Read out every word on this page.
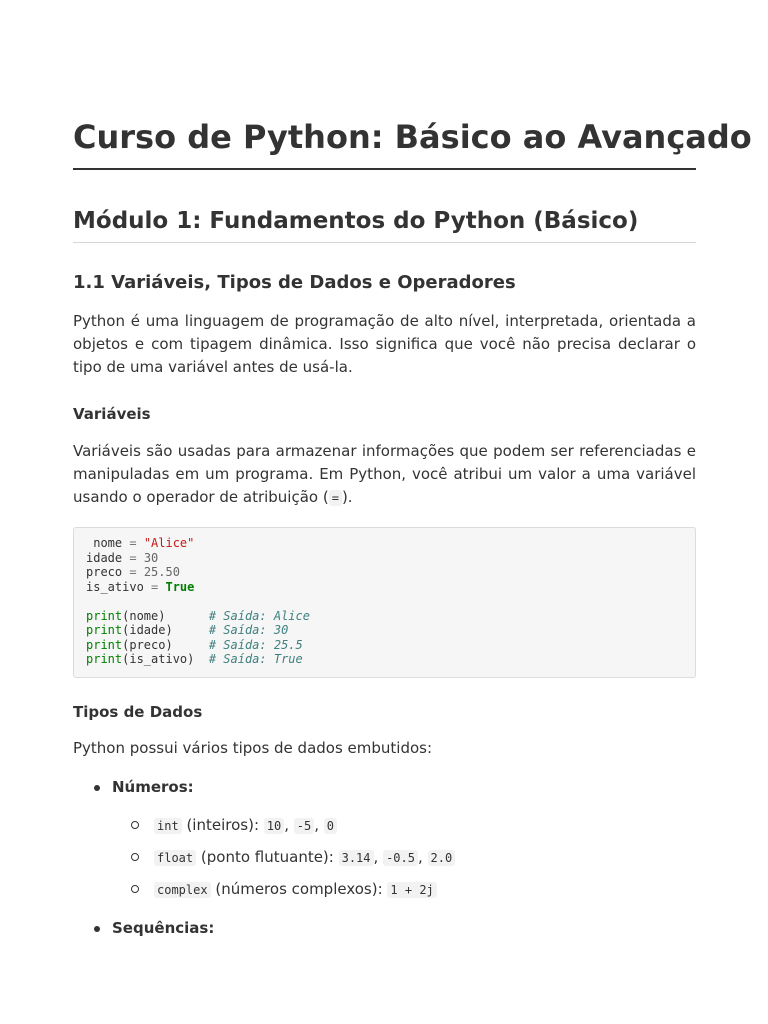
Curso de Python: Básico ao Avançado
Módulo 1: Fundamentos do Python (Básico)
1.1 Variáveis, Tipos de Dados e Operadores

Python é uma linguagem de programação de alto nível, interpretada, orientada a objetos e com tipagem dinâmica. Isso significa que você não precisa declarar o tipo de uma variável antes de usá-la.

Variáveis

Variáveis são usadas para armazenar informações que podem ser referenciadas e manipuladas em um programa. Em Python, você atribui um valor a uma variável usando o operador de atribuição ( = ).

nome = "Alice"
idade = 30
preco = 25.50
is_ativo = True
print(nome)      # Saída: Alice
print(idade)     # Saída: 30
print(preco)     # Saída: 25.5
print(is_ativo)  # Saída: True
Tipos de Dados

Python possui vários tipos de dados embutidos:

Números:
int (inteiros): 10 , -5 , 0
float (ponto flutuante): 3.14 , -0.5 , 2.0
complex (números complexos): 1 + 2j
Sequências:
